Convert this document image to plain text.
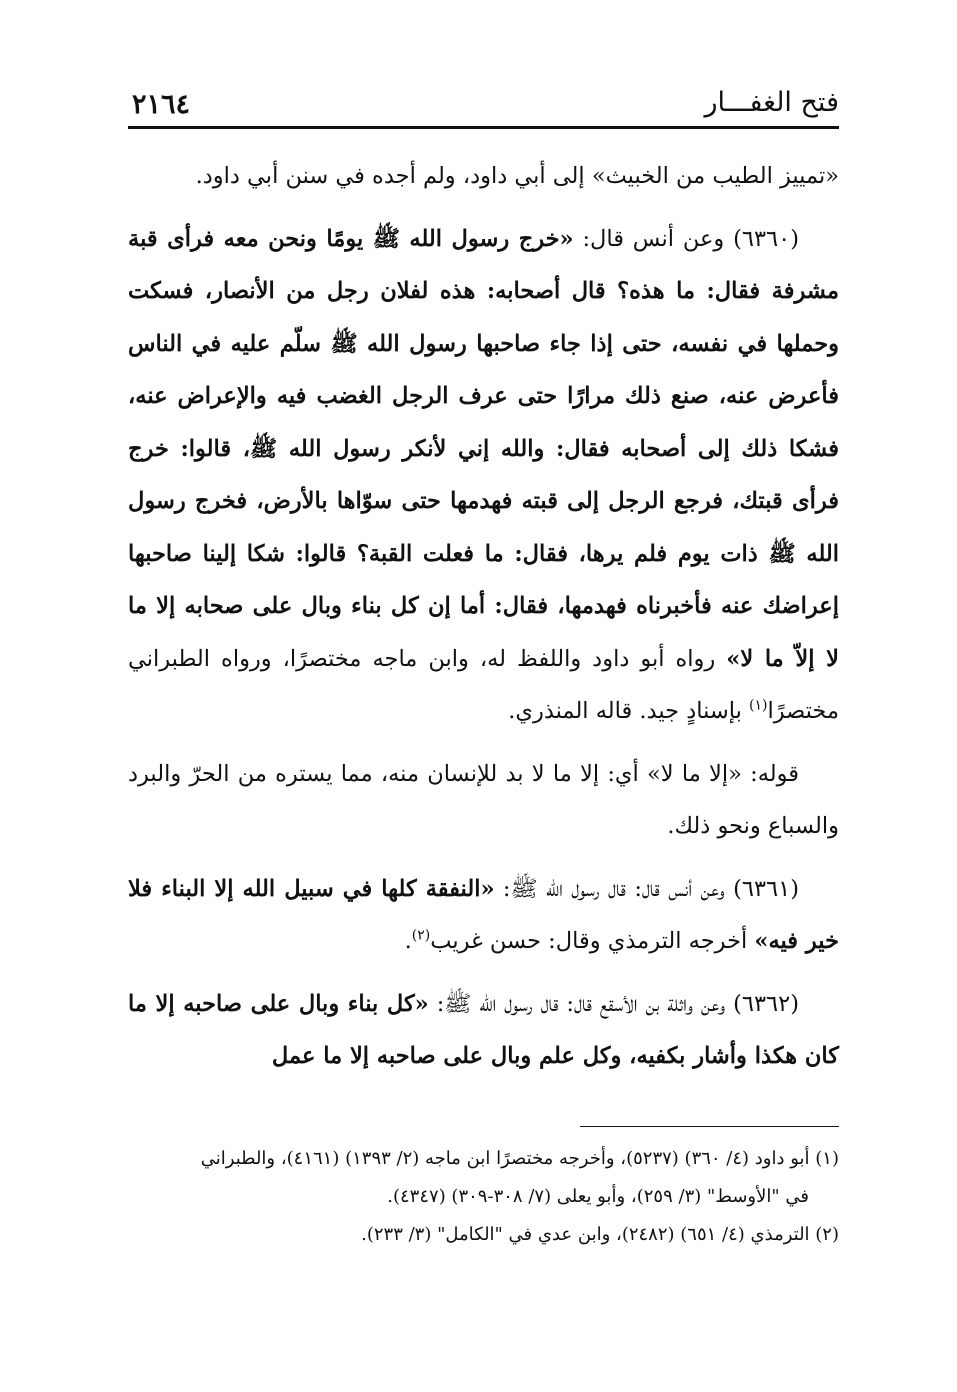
فتح الغفـــار
٢١٦٤

«تمييز الطيب من الخبيث» إلى أبي داود، ولم أجده في سنن أبي داود.

(٦٣٦٠) وعن أنس قال: «خرج رسول الله ﷺ يومًا ونحن معه فرأى قبة مشرفة فقال: ما هذه؟ قال أصحابه: هذه لفلان رجل من الأنصار، فسكت وحملها في نفسه، حتى إذا جاء صاحبها رسول الله ﷺ سلّم عليه في الناس فأعرض عنه، صنع ذلك مرارًا حتى عرف الرجل الغضب فيه والإعراض عنه، فشكا ذلك إلى أصحابه فقال: والله إني لأنكر رسول الله ﷺ، قالوا: خرج فرأى قبتك، فرجع الرجل إلى قبته فهدمها حتى سوّاها بالأرض، فخرج رسول الله ﷺ ذات يوم فلم يرها، فقال: ما فعلت القبة؟ قالوا: شكا إلينا صاحبها إعراضك عنه فأخبرناه فهدمها، فقال: أما إن كل بناء وبال على صحابه إلا ما لا إلاّ ما لا» رواه أبو داود واللفظ له، وابن ماجه مختصرًا، ورواه الطبراني مختصرًا$^{(١)}$ بإسنادٍ جيد. قاله المنذري.

قوله: «إلا ما لا» أي: إلا ما لا بد للإنسان منه، مما يستره من الحرّ والبرد والسباع ونحو ذلك.

(٦٣٦١) وعن أنس قال: قال رسول الله ﷺ: «النفقة كلها في سبيل الله إلا البناء فلا خير فيه» أخرجه الترمذي وقال: حسن غريب$^{(٢)}$.

(٦٣٦٢) وعن واثلة بن الأسقع قال: قال رسول الله ﷺ: «كل بناء وبال على صاحبه إلا ما كان هكذا وأشار بكفيه، وكل علم وبال على صاحبه إلا ما عمل

(١) أبو داود (٤/ ٣٦٠) (٥٢٣٧)، وأخرجه مختصرًا ابن ماجه (٢/ ١٣٩٣) (٤١٦١)، والطبراني

في "الأوسط" (٣/ ٢٥٩)، وأبو يعلى (٧/ ٣٠٨-٣٠٩) (٤٣٤٧).

(٢) الترمذي (٤/ ٦٥١) (٢٤٨٢)، وابن عدي في "الكامل" (٣/ ٢٣٣).
